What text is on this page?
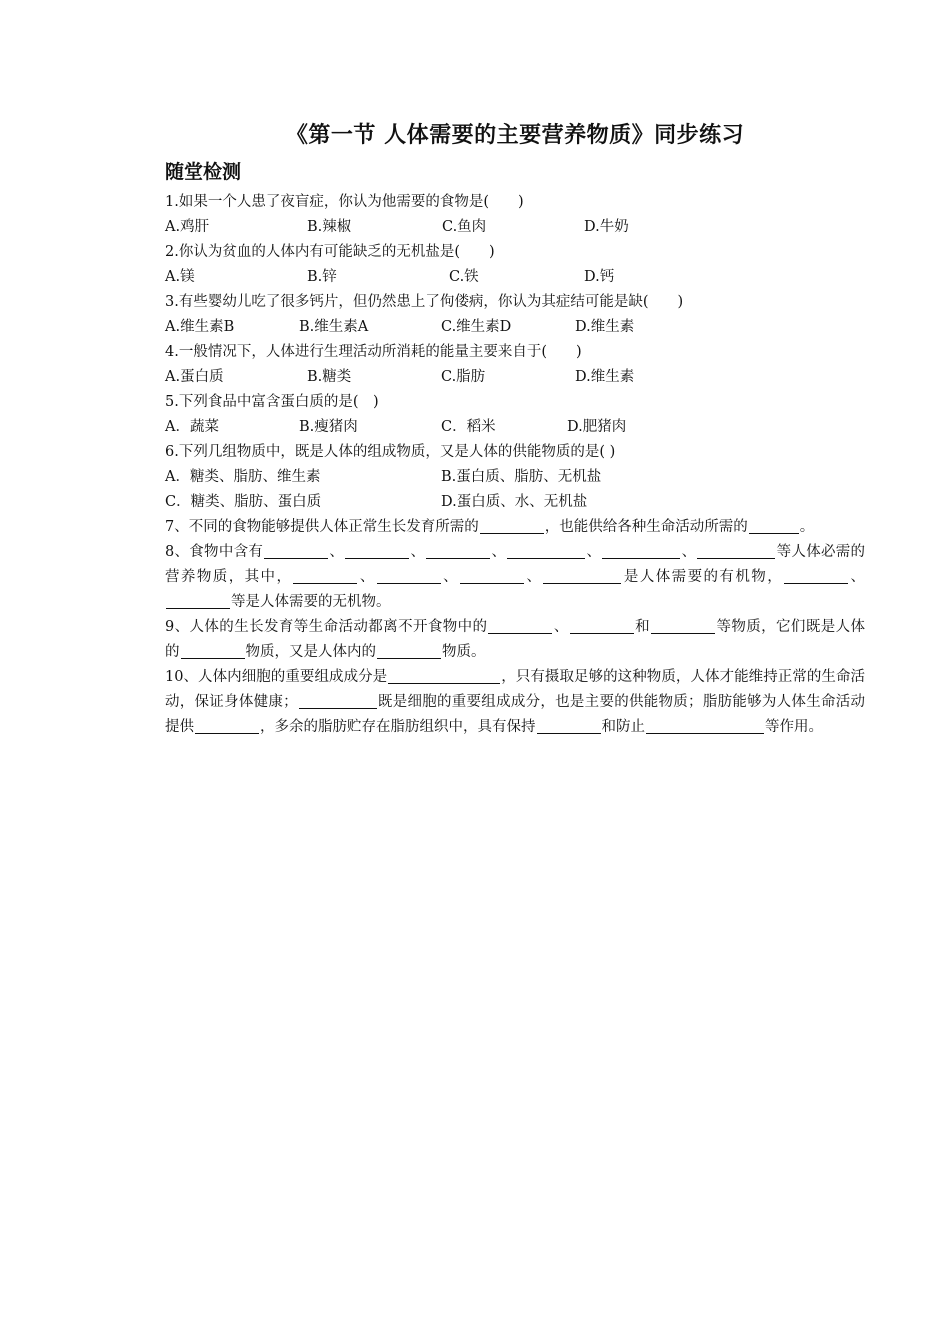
《第一节 人体需要的主要营养物质》同步练习
随堂检测
1.如果一个人患了夜盲症，你认为他需要的食物是(　　)
A.鸡肝	B.辣椒	C.鱼肉	D.牛奶
2.你认为贫血的人体内有可能缺乏的无机盐是(　　)
A.镁	B.锌	C.铁	D.钙
3.有些婴幼儿吃了很多钙片，但仍然患上了佝偻病，你认为其症结可能是缺(　　)
A.维生素B	B.维生素A	C.维生素D	D.维生素
4.一般情况下，人体进行生理活动所消耗的能量主要来自于(　　)
A.蛋白质	B.糖类	C.脂肪	D.维生素
5.下列食品中富含蛋白质的是(　)
A．蔬菜	B.瘦猪肉	C．稻米	D.肥猪肉
6.下列几组物质中，既是人体的组成物质，又是人体的供能物质的是( )
A．糖类、脂肪、维生素	B.蛋白质、脂肪、无机盐
C．糖类、脂肪、蛋白质	D.蛋白质、水、无机盐

7、不同的食物能够提供人体正常生长发育所需的	，也能供给各种生命活动所需的	。

8、食物中含有	、	、	、	、	、	等人体必需的营养物质，其中，	、	、	、	是人体需要的有机物，	、等是人体需要的无机物。

9、人体的生长发育等生命活动都离不开食物中的	、	和	等物质，它们既是人体的	物质，又是人体内的	物质。

10、人体内细胞的重要组成成分是	，只有摄取足够的这种物质，人体才能维持正常的生命活动，保证身体健康；	既是细胞的重要组成成分，也是主要的供能物质；脂肪能够为人体生命活动提供	，多余的脂肪贮存在脂肪组织中，具有保持	和防止	等作用。
